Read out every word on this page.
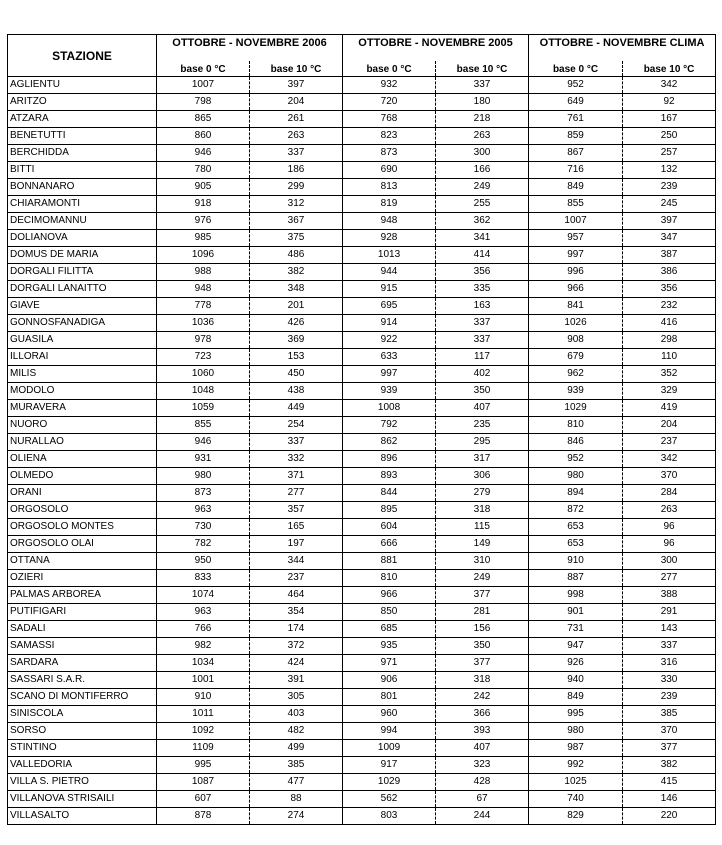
STAZIONE	OTTOBRE - NOVEMBRE 2006		OTTOBRE - NOVEMBRE 2005		OTTOBRE - NOVEMBRE CLIMA	
	base 0 °C	base 10 °C	base 0 °C	base 10 °C	base 0 °C	base 10 °C
AGLIENTU	1007	397	932	337	952	342
ARITZO	798	204	720	180	649	92
ATZARA	865	261	768	218	761	167
BENETUTTI	860	263	823	263	859	250
BERCHIDDA	946	337	873	300	867	257
BITTI	780	186	690	166	716	132
BONNANARO	905	299	813	249	849	239
CHIARAMONTI	918	312	819	255	855	245
DECIMOMANNU	976	367	948	362	1007	397
DOLIANOVA	985	375	928	341	957	347
DOMUS DE MARIA	1096	486	1013	414	997	387
DORGALI FILITTA	988	382	944	356	996	386
DORGALI LANAITTO	948	348	915	335	966	356
GIAVE	778	201	695	163	841	232
GONNOSFANADIGA	1036	426	914	337	1026	416
GUASILA	978	369	922	337	908	298
ILLORAI	723	153	633	117	679	110
MILIS	1060	450	997	402	962	352
MODOLO	1048	438	939	350	939	329
MURAVERA	1059	449	1008	407	1029	419
NUORO	855	254	792	235	810	204
NURALLAO	946	337	862	295	846	237
OLIENA	931	332	896	317	952	342
OLMEDO	980	371	893	306	980	370
ORANI	873	277	844	279	894	284
ORGOSOLO	963	357	895	318	872	263
ORGOSOLO MONTES	730	165	604	115	653	96
ORGOSOLO OLAI	782	197	666	149	653	96
OTTANA	950	344	881	310	910	300
OZIERI	833	237	810	249	887	277
PALMAS ARBOREA	1074	464	966	377	998	388
PUTIFIGARI	963	354	850	281	901	291
SADALI	766	174	685	156	731	143
SAMASSI	982	372	935	350	947	337
SARDARA	1034	424	971	377	926	316
SASSARI S.A.R.	1001	391	906	318	940	330
SCANO DI MONTIFERRO	910	305	801	242	849	239
SINISCOLA	1011	403	960	366	995	385
SORSO	1092	482	994	393	980	370
STINTINO	1109	499	1009	407	987	377
VALLEDORIA	995	385	917	323	992	382
VILLA S. PIETRO	1087	477	1029	428	1025	415
VILLANOVA STRISAILI	607	88	562	67	740	146
VILLASALTO	878	274	803	244	829	220
